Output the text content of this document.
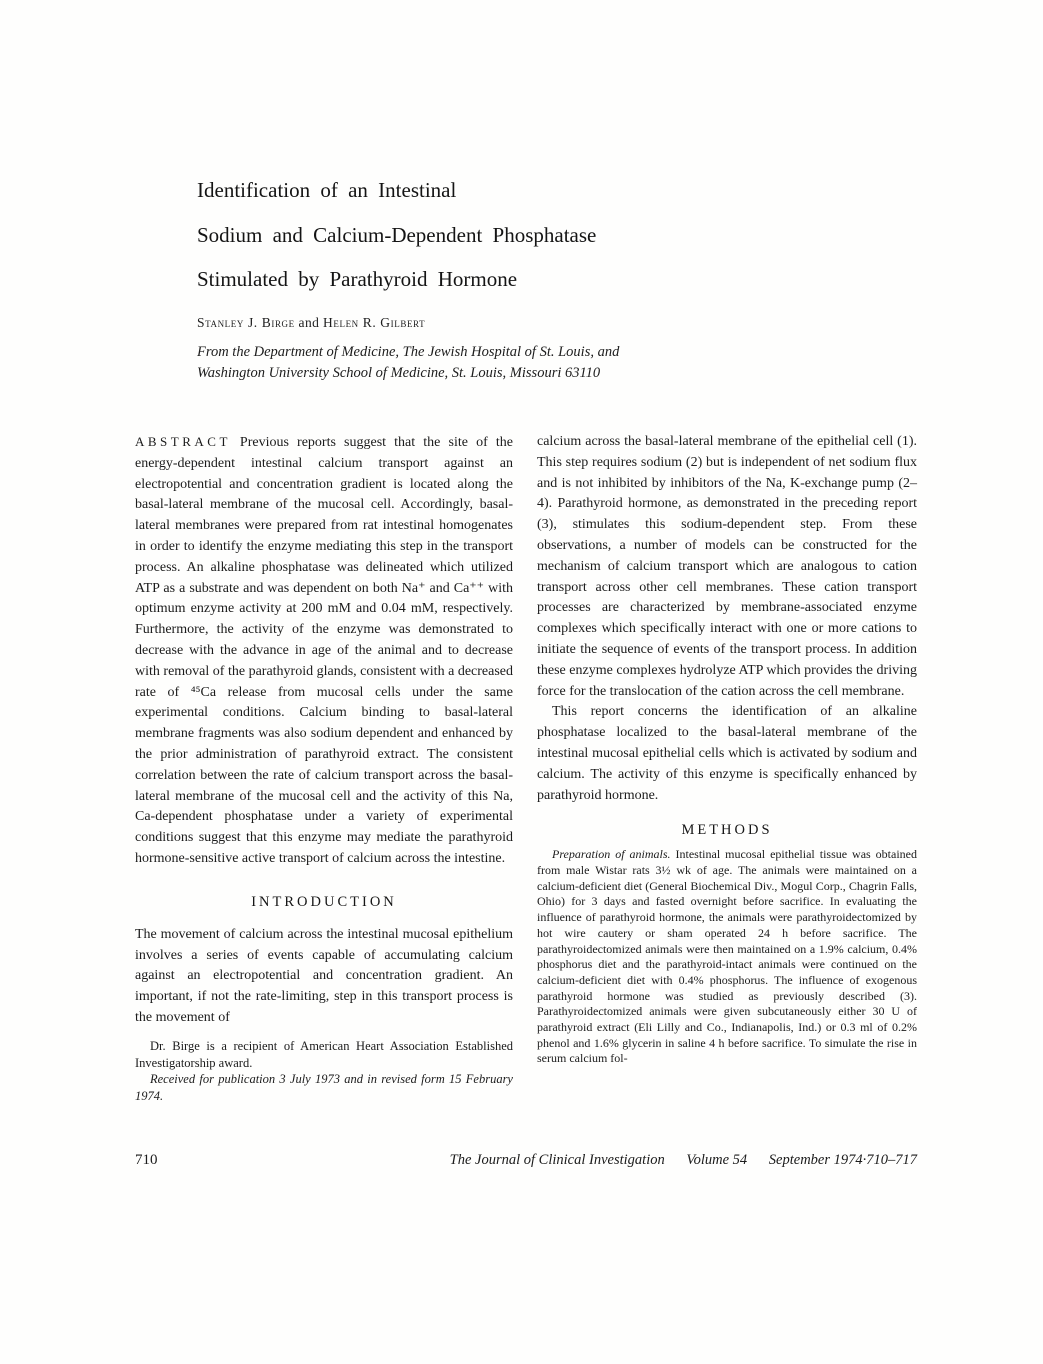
Identification of an Intestinal
Sodium and Calcium-Dependent Phosphatase
Stimulated by Parathyroid Hormone
Stanley J. Birge and Helen R. Gilbert
From the Department of Medicine, The Jewish Hospital of St. Louis, and
Washington University School of Medicine, St. Louis, Missouri 63110

ABSTRACT Previous reports suggest that the site of the energy-dependent intestinal calcium transport against an electropotential and concentration gradient is located along the basal-lateral membrane of the mucosal cell. Accordingly, basal-lateral membranes were prepared from rat intestinal homogenates in order to identify the enzyme mediating this step in the transport process. An alkaline phosphatase was delineated which utilized ATP as a substrate and was dependent on both Na⁺ and Ca⁺⁺ with optimum enzyme activity at 200 mM and 0.04 mM, respectively. Furthermore, the activity of the enzyme was demonstrated to decrease with the advance in age of the animal and to decrease with removal of the parathyroid glands, consistent with a decreased rate of ⁴⁵Ca release from mucosal cells under the same experimental conditions. Calcium binding to basal-lateral membrane fragments was also sodium dependent and enhanced by the prior administration of parathyroid extract. The consistent correlation between the rate of calcium transport across the basal-lateral membrane of the mucosal cell and the activity of this Na, Ca-dependent phosphatase under a variety of experimental conditions suggest that this enzyme may mediate the parathyroid hormone-sensitive active transport of calcium across the intestine.

INTRODUCTION

The movement of calcium across the intestinal mucosal epithelium involves a series of events capable of accumulating calcium against an electropotential and concentration gradient. An important, if not the rate-limiting, step in this transport process is the movement of

Dr. Birge is a recipient of American Heart Association Established Investigatorship award.

Received for publication 3 July 1973 and in revised form 15 February 1974.

calcium across the basal-lateral membrane of the epithelial cell (1). This step requires sodium (2) but is independent of net sodium flux and is not inhibited by inhibitors of the Na, K-exchange pump (2–4). Parathyroid hormone, as demonstrated in the preceding report (3), stimulates this sodium-dependent step. From these observations, a number of models can be constructed for the mechanism of calcium transport which are analogous to cation transport across other cell membranes. These cation transport processes are characterized by membrane-associated enzyme complexes which specifically interact with one or more cations to initiate the sequence of events of the transport process. In addition these enzyme complexes hydrolyze ATP which provides the driving force for the translocation of the cation across the cell membrane.

This report concerns the identification of an alkaline phosphatase localized to the basal-lateral membrane of the intestinal mucosal epithelial cells which is activated by sodium and calcium. The activity of this enzyme is specifically enhanced by parathyroid hormone.

METHODS

Preparation of animals. Intestinal mucosal epithelial tissue was obtained from male Wistar rats 3½ wk of age. The animals were maintained on a calcium-deficient diet (General Biochemical Div., Mogul Corp., Chagrin Falls, Ohio) for 3 days and fasted overnight before sacrifice. In evaluating the influence of parathyroid hormone, the animals were parathyroidectomized by hot wire cautery or sham operated 24 h before sacrifice. The parathyroidectomized animals were then maintained on a 1.9% calcium, 0.4% phosphorus diet and the parathyroid-intact animals were continued on the calcium-deficient diet with 0.4% phosphorus. The influence of exogenous parathyroid hormone was studied as previously described (3). Parathyroidectomized animals were given subcutaneously either 30 U of parathyroid extract (Eli Lilly and Co., Indianapolis, Ind.) or 0.3 ml of 0.2% phenol and 1.6% glycerin in saline 4 h before sacrifice. To simulate the rise in serum calcium fol-

710	The Journal of Clinical Investigation Volume 54 September 1974·710–717
